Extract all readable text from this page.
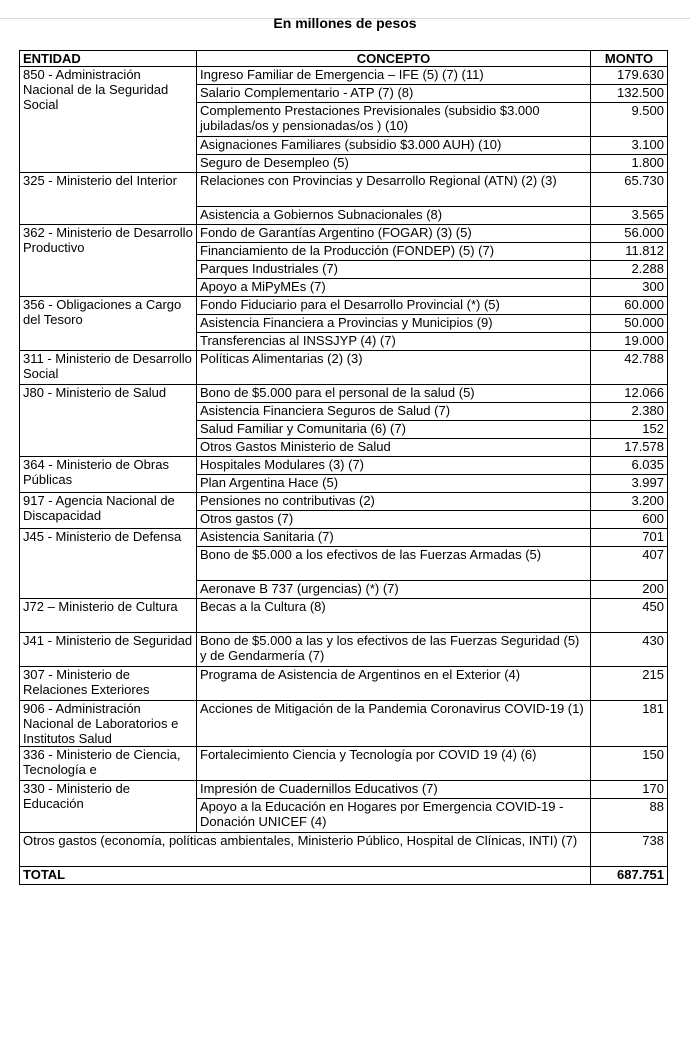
En millones de pesos
ENTIDAD	CONCEPTO	MONTO
850 - Administración Nacional de la Seguridad Social	Ingreso Familiar de Emergencia – IFE (5) (7) (11)	179.630
	Salario Complementario - ATP (7) (8)	132.500
	Complemento Prestaciones Previsionales (subsidio $3.000 jubiladas/os y pensionadas/os ) (10)	9.500
	Asignaciones Familiares (subsidio $3.000 AUH) (10)	3.100
	Seguro de Desempleo (5)	1.800
325 - Ministerio del Interior	Relaciones con Provincias y Desarrollo Regional (ATN) (2) (3)	65.730
	Asistencia a Gobiernos Subnacionales (8)	3.565
362 - Ministerio de Desarrollo Productivo	Fondo de Garantías Argentino (FOGAR) (3) (5)	56.000
	Financiamiento de la Producción (FONDEP) (5) (7)	11.812
	Parques Industriales (7)	2.288
	Apoyo a MiPyMEs (7)	300
356 - Obligaciones a Cargo del Tesoro	Fondo Fiduciario para el Desarrollo Provincial (*) (5)	60.000
	Asistencia Financiera a Provincias y Municipios (9)	50.000
	Transferencias al INSSJYP (4) (7)	19.000
311 - Ministerio de Desarrollo Social	Políticas Alimentarias (2) (3)	42.788
J80 - Ministerio de Salud	Bono de $5.000 para el personal de la salud (5)	12.066
	Asistencia Financiera Seguros de Salud (7)	2.380
	Salud Familiar y Comunitaria (6) (7)	152
	Otros Gastos Ministerio de Salud	17.578
364 - Ministerio de Obras Públicas	Hospitales Modulares (3) (7)	6.035
	Plan Argentina Hace (5)	3.997
917 - Agencia Nacional de Discapacidad	Pensiones no contributivas (2)	3.200
	Otros gastos (7)	600
J45 - Ministerio de Defensa	Asistencia Sanitaria (7)	701
	Bono de $5.000 a los efectivos de las Fuerzas Armadas (5)	407
	Aeronave B 737 (urgencias) (*) (7)	200
J72 – Ministerio de Cultura	Becas a la Cultura (8)	450
J41 - Ministerio de Seguridad	Bono de $5.000 a las y los efectivos de las Fuerzas Seguridad (5) y de Gendarmería (7)	430
307 - Ministerio de Relaciones Exteriores	Programa de Asistencia de Argentinos en el Exterior (4)	215
906 - Administración Nacional de Laboratorios e Institutos Salud	Acciones de Mitigación de la Pandemia Coronavirus COVID-19 (1)	181
336 - Ministerio de Ciencia, Tecnología e	Fortalecimiento Ciencia y Tecnología por COVID 19 (4) (6)	150
330 - Ministerio de Educación	Impresión de Cuadernillos Educativos (7)	170
	Apoyo a la Educación en Hogares por Emergencia COVID-19 - Donación UNICEF (4)	88
Otros gastos (economía, políticas ambientales, Ministerio Público, Hospital de Clínicas, INTI) (7)		738
TOTAL		687.751
